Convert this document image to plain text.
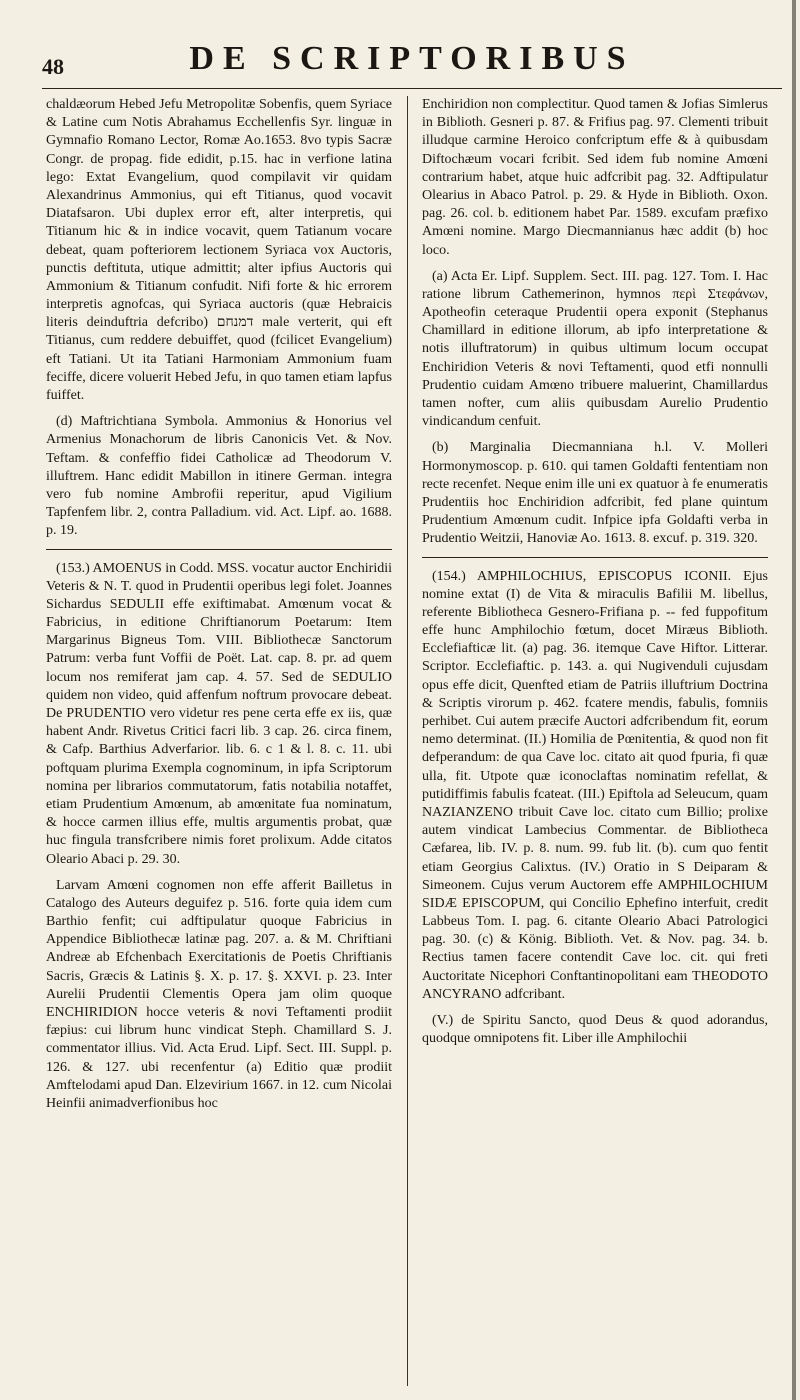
48	DE SCRIPTORIBUS

chaldæorum Hebed Jefu Metropolitæ Sobenfis, quem Syriace & Latine cum Notis Abrahamus Ecchellenfis Syr. linguæ in Gymnafio Romano Lector, Romæ Ao.1653. 8vo typis Sacræ Congr. de propag. fide edidit, p.15. hac in verfione latina lego: Extat Evangelium, quod compilavit vir quidam Alexandrinus Ammonius, qui eft Titianus, quod vocavit Diatafsaron. Ubi duplex error eft, alter interpretis, qui Titianum hic & in indice vocavit, quem Tatianum vocare debeat, quam pofteriorem lectionem Syriaca vox Auctoris, punctis deftituta, utique admittit; alter ipfius Auctoris qui Ammonium & Titianum confudit. Nifi forte & hic errorem interpretis agnofcas, qui Syriaca auctoris (quæ Hebraicis literis deinduftria defcribo) דמנחם male verterit, qui eft Titianus, cum reddere debuiffet, quod (fcilicet Evangelium) eft Tatiani. Ut ita Tatiani Harmoniam Ammonium fuam feciffe, dicere voluerit Hebed Jefu, in quo tamen etiam lapfus fuiffet.

(d) Maftrichtiana Symbola. Ammonius & Honorius vel Armenius Monachorum de libris Canonicis Vet. & Nov. Teftam. & confeffio fidei Catholicæ ad Theodorum V. illuftrem. Hanc edidit Mabillon in itinere German. integra vero fub nomine Ambrofii reperitur, apud Vigilium Tapfenfem libr. 2, contra Palladium. vid. Act. Lipf. ao. 1688. p. 19.

(153.) AMOENUS in Codd. MSS. vocatur auctor Enchiridii Veteris & N. T. quod in Prudentii operibus legi folet. Joannes Sichardus SEDULII effe exiftimabat. Amœnum vocat & Fabricius, in editione Chriftianorum Poetarum: Item Margarinus Bigneus Tom. VIII. Bibliothecæ Sanctorum Patrum: verba funt Voffii de Poët. Lat. cap. 8. pr. ad quem locum nos remiferat jam cap. 4. 57. Sed de SEDULIO quidem non video, quid affenfum noftrum provocare debeat. De PRUDENTIO vero videtur res pene certa effe ex iis, quæ habent Andr. Rivetus Critici facri lib. 3 cap. 26. circa finem, & Cafp. Barthius Adverfarior. lib. 6. c 1 & l. 8. c. 11. ubi poftquam plurima Exempla cognominum, in ipfa Scriptorum nomina per librarios commutatorum, fatis notabilia notaffet, etiam Prudentium Amœnum, ab amœnitate fua nominatum, & hocce carmen illius effe, multis argumentis probat, quæ huc fingula transfcribere nimis foret prolixum. Adde citatos Oleario Abaci p. 29. 30.

Larvam Amœni cognomen non effe afferit Bailletus in Catalogo des Auteurs deguifez p. 516. forte quia idem cum Barthio fenfit; cui adftipulatur quoque Fabricius in Appendice Bibliothecæ latinæ pag. 207. a. & M. Chriftiani Andreæ ab Efchenbach Exercitationis de Poetis Chriftianis Sacris, Græcis & Latinis §. X. p. 17. §. XXVI. p. 23. Inter Aurelii Prudentii Clementis Opera jam olim quoque ENCHIRIDION hocce veteris & novi Teftamenti prodiit fæpius: cui librum hunc vindicat Steph. Chamillard S. J. commentator illius. Vid. Acta Erud. Lipf. Sect. III. Suppl. p. 126. & 127. ubi recenfentur (a) Editio quæ prodiit Amftelodami apud Dan. Elzevirium 1667. in 12. cum Nicolai Heinfii animadverfionibus hoc

Enchiridion non complectitur. Quod tamen & Jofias Simlerus in Biblioth. Gesneri p. 87. & Frifius pag. 97. Clementi tribuit illudque carmine Heroico confcriptum effe & à quibusdam Diftochæum vocari fcribit. Sed idem fub nomine Amœni contrarium habet, atque huic adfcribit pag. 32. Adftipulatur Olearius in Abaco Patrol. p. 29. & Hyde in Biblioth. Oxon. pag. 26. col. b. editionem habet Par. 1589. excufam præfixo Amœni nomine. Margo Diecmannianus hæc addit (b) hoc loco.

(a) Acta Er. Lipf. Supplem. Sect. III. pag. 127. Tom. I. Hac ratione librum Cathemerinon, hymnos περὶ Στεφάνων, Apotheofin ceteraque Prudentii opera exponit (Stephanus Chamillard in editione illorum, ab ipfo interpretatione & notis illuftratorum) in quibus ultimum locum occupat Enchiridion Veteris & novi Teftamenti, quod etfi nonnulli Prudentio cuidam Amœno tribuere maluerint, Chamillardus tamen nofter, cum aliis quibusdam Aurelio Prudentio vindicandum cenfuit.

(b) Marginalia Diecmanniana h.l. V. Molleri Hormonymoscop. p. 610. qui tamen Goldafti fententiam non recte recenfet. Neque enim ille uni ex quatuor à fe enumeratis Prudentiis hoc Enchiridion adfcribit, fed plane quintum Prudentium Amœnum cudit. Infpice ipfa Goldafti verba in Prudentio Weitzii, Hanoviæ Ao. 1613. 8. excuf. p. 319. 320.

(154.) AMPHILOCHIUS, EPISCOPUS ICONII. Ejus nomine extat (I) de Vita & miraculis Bafilii M. libellus, referente Bibliotheca Gesnero-Frifiana p. -- fed fuppofitum effe hunc Amphilochio fœtum, docet Miræus Biblioth. Ecclefiafticæ lit. (a) pag. 36. itemque Cave Hiftor. Litterar. Scriptor. Ecclefiaftic. p. 143. a. qui Nugivenduli cujusdam opus effe dicit, Quenfted etiam de Patriis illuftrium Doctrina & Scriptis virorum p. 462. fcatere mendis, fabulis, fomniis perhibet. Cui autem præcife Auctori adfcribendum fit, eorum nemo determinat. (II.) Homilia de Pœnitentia, & quod non fit defperandum: de qua Cave loc. citato ait quod fpuria, fi quæ ulla, fit. Utpote quæ iconoclaftas nominatim refellat, & putidiffimis fabulis fcateat. (III.) Epiftola ad Seleucum, quam NAZIANZENO tribuit Cave loc. citato cum Billio; prolixe autem vindicat Lambecius Commentar. de Bibliotheca Cæfarea, lib. IV. p. 8. num. 99. fub lit. (b). cum quo fentit etiam Georgius Calixtus. (IV.) Oratio in S Deiparam & Simeonem. Cujus verum Auctorem effe AMPHILOCHIUM SIDÆ EPISCOPUM, qui Concilio Ephefino interfuit, credit Labbeus Tom. I. pag. 6. citante Oleario Abaci Patrologici pag. 30. (c) & König. Biblioth. Vet. & Nov. pag. 34. b. Rectius tamen facere contendit Cave loc. cit. qui freti Auctoritate Nicephori Conftantinopolitani eam THEODOTO ANCYRANO adfcribant.

(V.) de Spiritu Sancto, quod Deus & quod adorandus, quodque omnipotens fit. Liber ille Amphilochii
